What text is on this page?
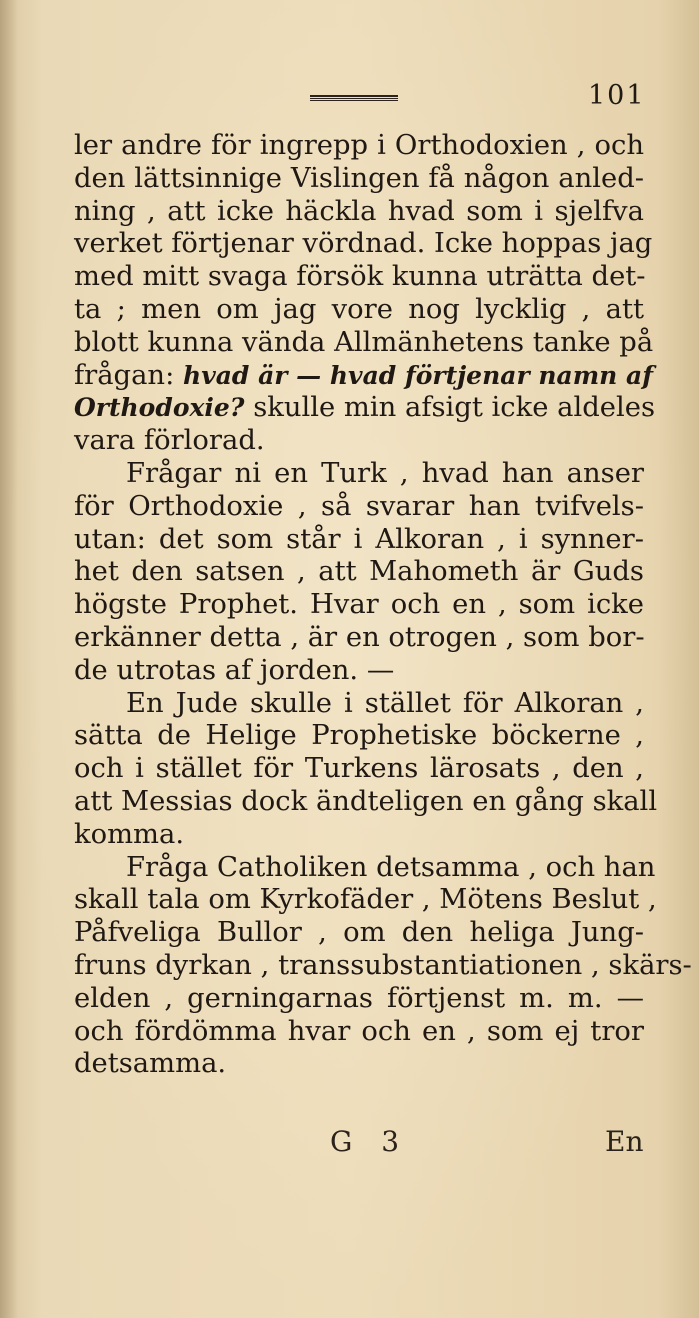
101
ler andre för ingrepp i Orthodoxien , och
den lättsinnige Vislingen få någon anled-
ning , att icke häckla hvad som i sjelfva
verket förtjenar vördnad. Icke hoppas jag
med mitt svaga försök kunna uträtta det-
ta ; men om jag vore nog lycklig , att
blott kunna vända Allmänhetens tanke på
frågan: hvad är — hvad förtjenar namn af
Orthodoxie? skulle min afsigt icke aldeles
vara förlorad.
Frågar ni en Turk , hvad han anser
för Orthodoxie , så svarar han tvifvels-
utan: det som står i Alkoran , i synner-
het den satsen , att Mahometh är Guds
högste Prophet. Hvar och en , som icke
erkänner detta , är en otrogen , som bor-
de utrotas af jorden. —
En Jude skulle i stället för Alkoran ,
sätta de Helige Prophetiske böckerne ,
och i stället för Turkens lärosats , den ,
att Messias dock ändteligen en gång skall
komma.
Fråga Catholiken detsamma , och han
skall tala om Kyrkofäder , Mötens Beslut ,
Påfveliga Bullor , om den heliga Jung-
fruns dyrkan , transsubstantiationen , skärs-
elden , gerningarnas förtjenst m. m. —
och fördömma hvar och en , som ej tror
detsamma.
G 3	En
